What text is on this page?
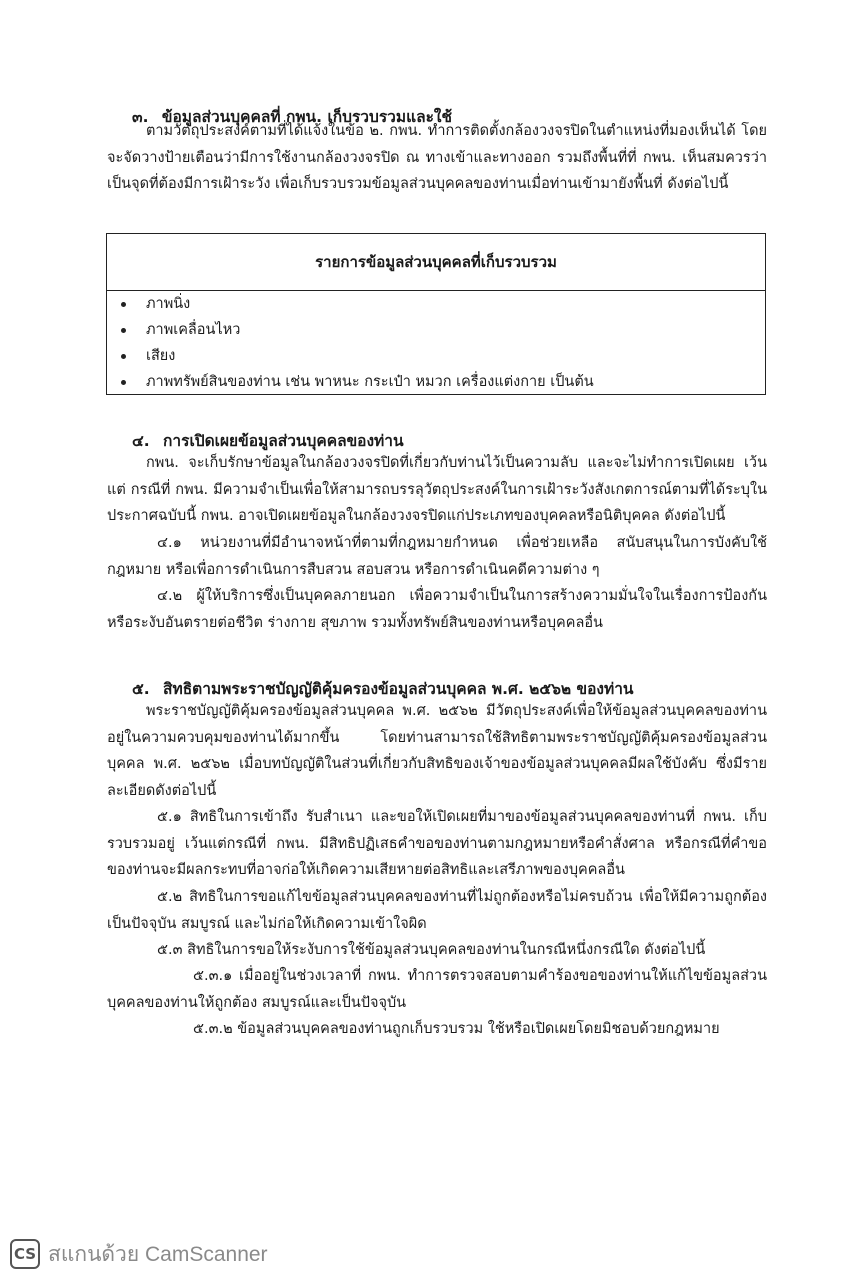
๓. ข้อมูลส่วนบุคคลที่ กพน. เก็บรวบรวมและใช้
ตามวัตถุประสงค์ตามที่ได้แจ้งในข้อ ๒. กพน. ทำการติดตั้งกล้องวงจรปิดในตำแหน่งที่มองเห็นได้ โดยจะจัดวางป้ายเตือนว่ามีการใช้งานกล้องวงจรปิด ณ ทางเข้าและทางออก รวมถึงพื้นที่ที่ กพน. เห็นสมควรว่าเป็นจุดที่ต้องมีการเฝ้าระวัง เพื่อเก็บรวบรวมข้อมูลส่วนบุคคลของท่านเมื่อท่านเข้ามายังพื้นที่ ดังต่อไปนี้
รายการข้อมูลส่วนบุคคลที่เก็บรวบรวม
ภาพนิ่ง
ภาพเคลื่อนไหว
เสียง
ภาพทรัพย์สินของท่าน เช่น พาหนะ กระเป๋า หมวก เครื่องแต่งกาย เป็นต้น
๔. การเปิดเผยข้อมูลส่วนบุคคลของท่าน
กพน. จะเก็บรักษาข้อมูลในกล้องวงจรปิดที่เกี่ยวกับท่านไว้เป็นความลับ และจะไม่ทำการเปิดเผย เว้นแต่ กรณีที่ กพน. มีความจำเป็นเพื่อให้สามารถบรรลุวัตถุประสงค์ในการเฝ้าระวังสังเกตการณ์ตามที่ได้ระบุในประกาศฉบับนี้ กพน. อาจเปิดเผยข้อมูลในกล้องวงจรปิดแก่ประเภทของบุคคลหรือนิติบุคคล ดังต่อไปนี้
๔.๑ หน่วยงานที่มีอำนาจหน้าที่ตามที่กฎหมายกำหนด เพื่อช่วยเหลือ สนับสนุนในการบังคับใช้กฎหมาย หรือเพื่อการดำเนินการสืบสวน สอบสวน หรือการดำเนินคดีความต่าง ๆ
๔.๒ ผู้ให้บริการซึ่งเป็นบุคคลภายนอก เพื่อความจำเป็นในการสร้างความมั่นใจในเรื่องการป้องกันหรือระงับอันตรายต่อชีวิต ร่างกาย สุขภาพ รวมทั้งทรัพย์สินของท่านหรือบุคคลอื่น
๕. สิทธิตามพระราชบัญญัติคุ้มครองข้อมูลส่วนบุคคล พ.ศ. ๒๕๖๒ ของท่าน
พระราชบัญญัติคุ้มครองข้อมูลส่วนบุคคล พ.ศ. ๒๕๖๒ มีวัตถุประสงค์เพื่อให้ข้อมูลส่วนบุคคลของท่านอยู่ในความควบคุมของท่านได้มากขึ้น โดยท่านสามารถใช้สิทธิตามพระราชบัญญัติคุ้มครองข้อมูลส่วนบุคคล พ.ศ. ๒๕๖๒ เมื่อบทบัญญัติในส่วนที่เกี่ยวกับสิทธิของเจ้าของข้อมูลส่วนบุคคลมีผลใช้บังคับ ซึ่งมีรายละเอียดดังต่อไปนี้
๕.๑ สิทธิในการเข้าถึง รับสำเนา และขอให้เปิดเผยที่มาของข้อมูลส่วนบุคคลของท่านที่ กพน. เก็บรวบรวมอยู่ เว้นแต่กรณีที่ กพน. มีสิทธิปฏิเสธคำขอของท่านตามกฎหมายหรือคำสั่งศาล หรือกรณีที่คำขอของท่านจะมีผลกระทบที่อาจก่อให้เกิดความเสียหายต่อสิทธิและเสรีภาพของบุคคลอื่น
๕.๒ สิทธิในการขอแก้ไขข้อมูลส่วนบุคคลของท่านที่ไม่ถูกต้องหรือไม่ครบถ้วน เพื่อให้มีความถูกต้อง เป็นปัจจุบัน สมบูรณ์ และไม่ก่อให้เกิดความเข้าใจผิด
๕.๓ สิทธิในการขอให้ระงับการใช้ข้อมูลส่วนบุคคลของท่านในกรณีหนึ่งกรณีใด ดังต่อไปนี้
๕.๓.๑ เมื่ออยู่ในช่วงเวลาที่ กพน. ทำการตรวจสอบตามคำร้องขอของท่านให้แก้ไขข้อมูลส่วนบุคคลของท่านให้ถูกต้อง สมบูรณ์และเป็นปัจจุบัน
๕.๓.๒ ข้อมูลส่วนบุคคลของท่านถูกเก็บรวบรวม ใช้หรือเปิดเผยโดยมิชอบด้วยกฎหมาย
CS สแกนด้วย CamScanner
